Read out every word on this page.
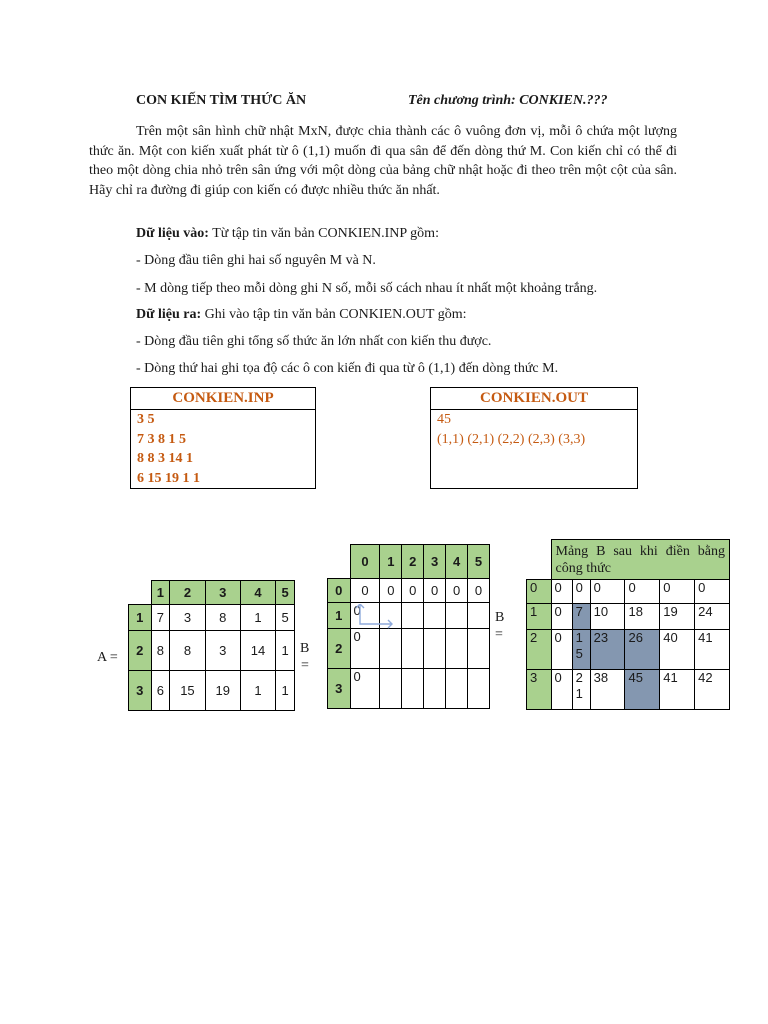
CON KIẾN TÌM THỨC ĂN	Tên chương trình: CONKIEN.???
Trên một sân hình chữ nhật MxN, được chia thành các ô vuông đơn vị, mỗi ô chứa một lượng thức ăn. Một con kiến xuất phát từ ô (1,1) muốn đi qua sân để đến dòng thứ M. Con kiến chỉ có thể đi theo một dòng chia nhỏ trên sân ứng với một dòng của bảng chữ nhật hoặc đi theo trên một cột của sân. Hãy chỉ ra đường đi giúp con kiến có được nhiều thức ăn nhất.
Dữ liệu vào: Từ tập tin văn bản CONKIEN.INP gồm:
- Dòng đầu tiên ghi hai số nguyên M và N.
- M dòng tiếp theo mỗi dòng ghi N số, mỗi số cách nhau ít nhất một khoảng trắng.
Dữ liệu ra: Ghi vào tập tin văn bản CONKIEN.OUT gồm:
- Dòng đầu tiên ghi tổng số thức ăn lớn nhất con kiến thu được.
- Dòng thứ hai ghi tọa độ các ô con kiến đi qua từ ô (1,1) đến dòng thức M.
CONKIEN.INP
3 5
7 3 8 1 5
8 8 3 14 1
6 15 19 1 1
CONKIEN.OUT
45
(1,1) (2,1) (2,2) (2,3) (3,3)

A =
	1	2	3	4	5
1	7	3	8	1	5
2	8	8	3	14	1
3	6	15	19	1	1
B
=
	0	1	2	3	4	5
0	0	0	0	0	0	0
1	0					
2	0					
3	0					
B
=
	Mảng B sau khi điền bằng công thức					
0	0	0	0	0	0	0
1	0	7	10	18	19	24
2	0	15	23	26	40	41
3	0	21	38	45	41	42
